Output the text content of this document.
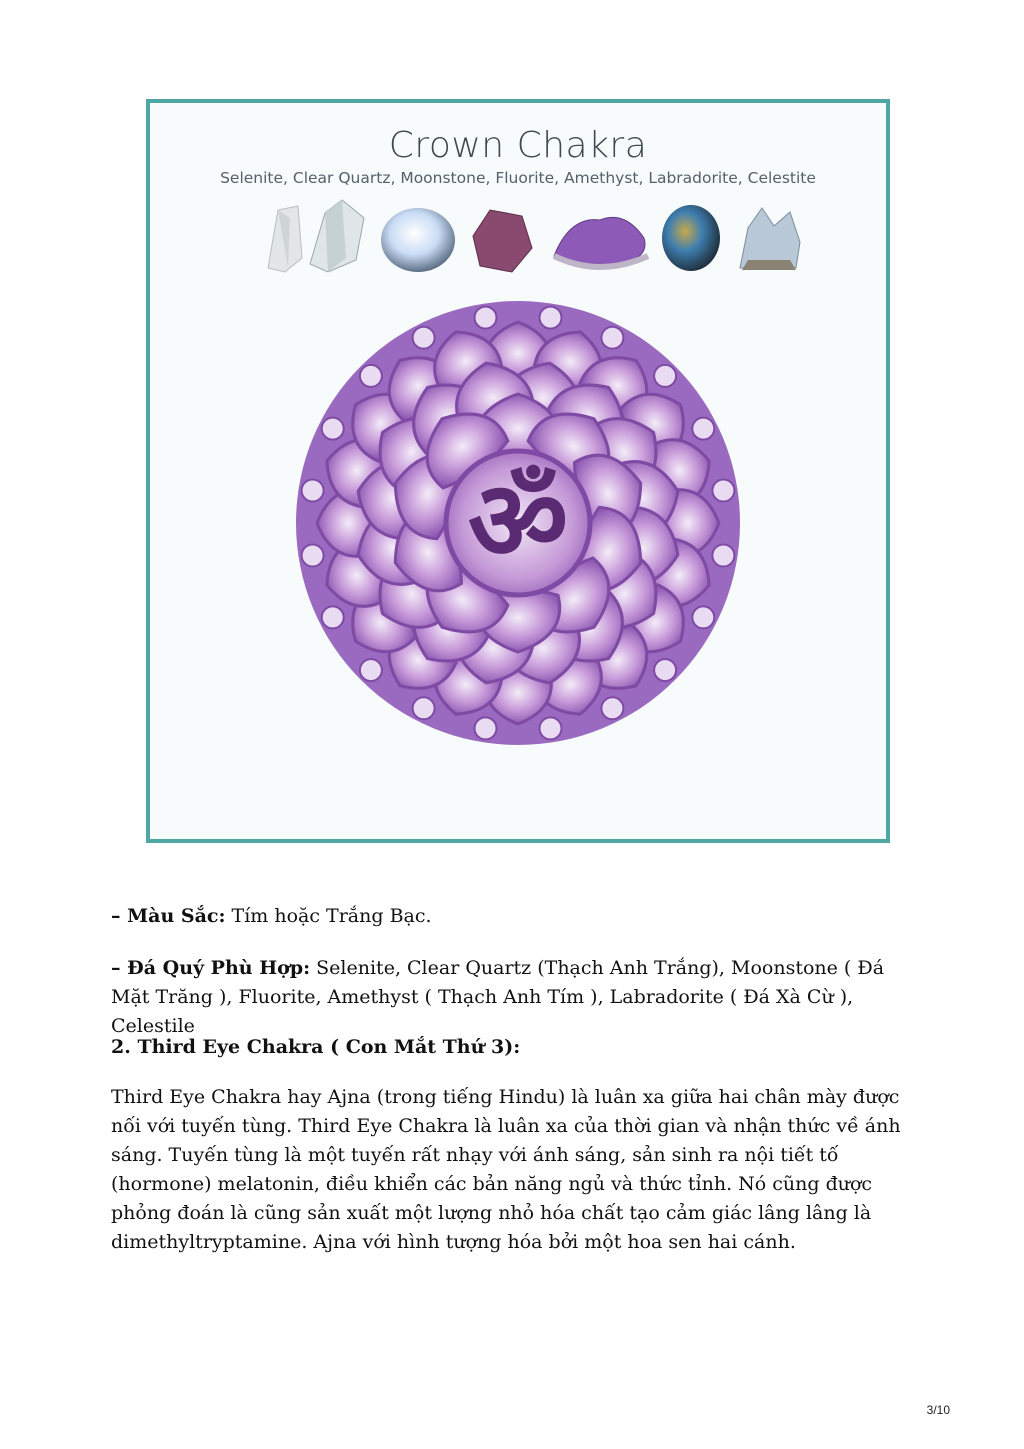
Crown Chakra
Selenite, Clear Quartz, Moonstone, Fluorite, Amethyst, Labradorite, Celestite
ॐ

– Màu Sắc: Tím hoặc Trắng Bạc.

– Đá Quý Phù Hợp: Selenite, Clear Quartz (Thạch Anh Trắng), Moonstone ( Đá Mặt Trăng ), Fluorite, Amethyst ( Thạch Anh Tím ), Labradorite ( Đá Xà Cừ ), Celestile

2. Third Eye Chakra ( Con Mắt Thứ 3):

Third Eye Chakra hay Ajna (trong tiếng Hindu) là luân xa giữa hai chân mày được nối với tuyến tùng. Third Eye Chakra là luân xa của thời gian và nhận thức về ánh sáng. Tuyến tùng là một tuyến rất nhạy với ánh sáng, sản sinh ra nội tiết tố (hormone) melatonin, điều khiển các bản năng ngủ và thức tỉnh. Nó cũng được phỏng đoán là cũng sản xuất một lượng nhỏ hóa chất tạo cảm giác lâng lâng là dimethyltryptamine. Ajna với hình tượng hóa bởi một hoa sen hai cánh.

3/10
